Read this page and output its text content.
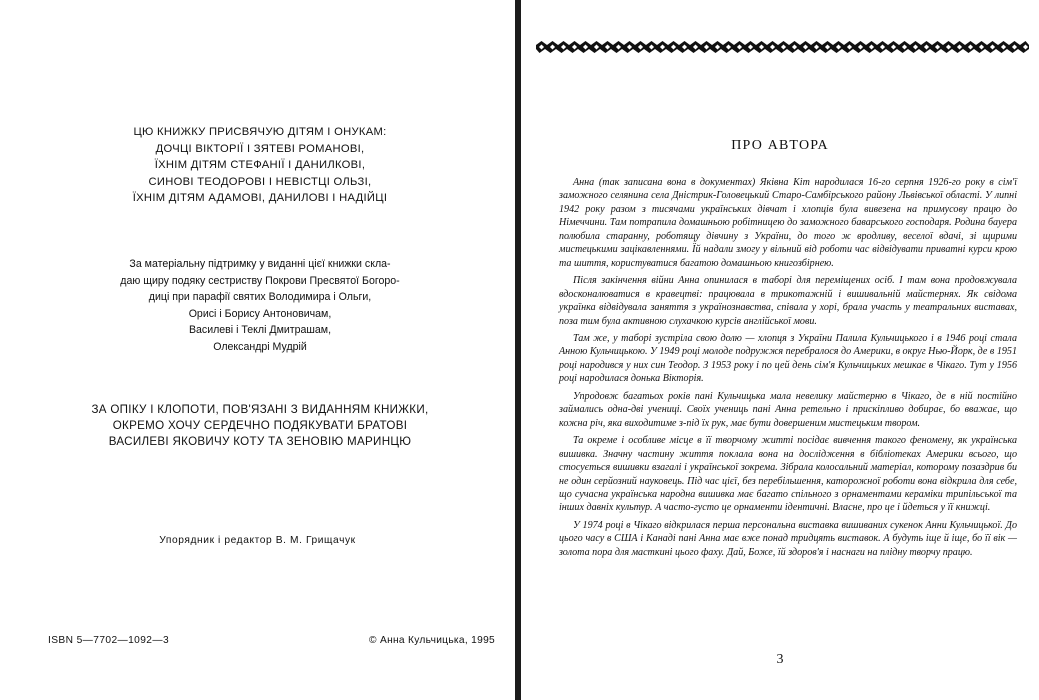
ЦЮ КНИЖКУ ПРИСВЯЧУЮ ДІТЯМ І ОНУКАМ:
ДОЧЦІ ВІКТОРІЇ І ЗЯТЕВІ РОМАНОВІ,
ЇХНІМ ДІТЯМ СТЕФАНІЇ І ДАНИЛКОВІ,
СИНОВІ ТЕОДОРОВІ І НЕВІСТЦІ ОЛЬЗІ,
ЇХНІМ ДІТЯМ АДАМОВІ, ДАНИЛОВІ І НАДІЙЦІ
За матеріальну підтримку у виданні цієї книжки скла-
даю щиру подяку сестриству Покрови Пресвятої Богоро-
диці при парафії святих Володимира і Ольги,
Орисі і Борису Антоновичам,
Василеві і Теклі Дмитрашам,
Олександрі Мудрій
ЗА ОПІКУ І КЛОПОТИ, ПОВ'ЯЗАНІ З ВИДАННЯМ КНИЖКИ,
ОКРЕМО ХОЧУ СЕРДЕЧНО ПОДЯКУВАТИ БРАТОВІ
ВАСИЛЕВІ ЯКОВИЧУ КОТУ ТА ЗЕНОВІЮ МАРИНЦЮ
Упорядник і редактор В. М. Грищачук
ISBN 5—7702—1092—3	© Анна Кульчицька, 1995
ПРО АВТОРА

Анна (так записана вона в документах) Яківна Кіт народилася 16-го серпня 1926-го року в сім'ї заможного селянина села Дністрик-Головецький Старо-Самбірського району Львівської області. У липні 1942 року разом з тисячами українських дівчат і хлопців була вивезена на примусову працю до Німеччини. Там потрапила домашньою робітницею до заможного баварського господаря. Родина бауера полюбила старанну, роботящу дівчину з України, до того ж вродливу, веселої вдачі, зі щирими мистецькими зацікавленнями. Їй надали змогу у вільний від роботи час відвідувати приватні курси крою та шиття, користуватися багатою домашньою книгозбірнею.

Після закінчення війни Анна опинилася в таборі для переміщених осіб. І там вона продовжувала вдосконалюватися в кравецтві: працювала в трикотажній і вишивальній майстернях. Як свідома українка відвідувала заняття з українознавства, співала у хорі, брала участь у театральних виставах, поза тим була активною слухачкою курсів англійської мови.

Там же, у таборі зустріла свою долю — хлопця з України Палила Кульчицького і в 1946 році стала Анною Кульчицькою. У 1949 році молоде подружжя перебралося до Америки, в округ Нью-Йорк, де в 1951 році народився у них син Теодор. З 1953 року і по цей день сім'я Кульчицьких мешкає в Чікаго. Тут у 1956 році народилася донька Вікторія.

Упродовж багатьох років пані Кульчицька мала невелику майстерню в Чікаго, де в ній постійно займались одна-дві учениці. Своїх учениць пані Анна ретельно і прискіпливо добирає, бо вважає, що кожна річ, яка виходитиме з-під їх рук, має бути довершеним мистецьким твором.

Та окреме і особливе місце в її творчому житті посідає вивчення такого феномену, як українська вишивка. Значну частину життя поклала вона на дослідження в бібліотеках Америки всього, що стосується вишивки взагалі і української зокрема. Зібрала колосальний матеріал, которому позаздрив би не один серйозний науковець. Під час цієї, без перебільшення, каторожної роботи вона відкрила для себе, що сучасна українська народна вишивка має багато спільного з орнаментами кераміки трипільської та інших давніх культур. А часто-густо це орнаменти ідентичні. Власне, про це і йдеться у її книжці.

У 1974 році в Чікаго відкрилася перша персональна виставка вишиваних сукенок Анни Кульчицької. До цього часу в США і Канаді пані Анна має вже понад тридцять виставок. А будуть іще й іще, бо її вік — золота пора для масткині цього фаху. Дай, Боже, їй здоров'я і наснаги на плідну творчу працю.

3
